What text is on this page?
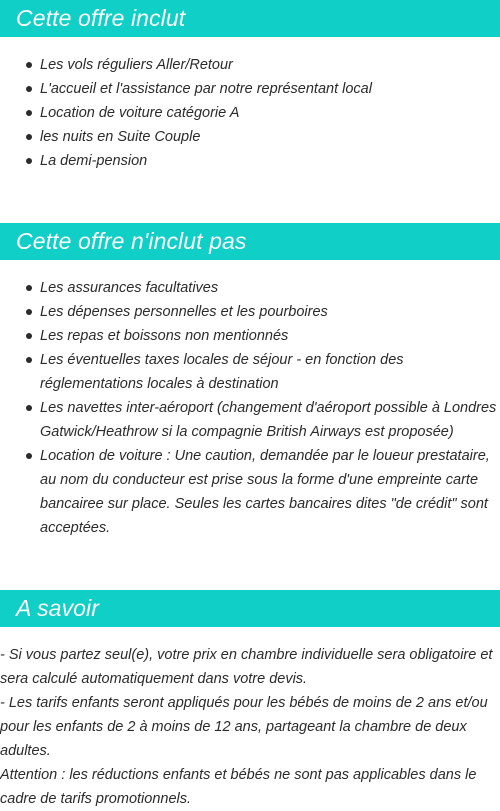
Cette offre inclut
Les vols réguliers Aller/Retour
L'accueil et l'assistance par notre représentant local
Location de voiture catégorie A
les nuits en Suite Couple
La demi-pension
Cette offre n'inclut pas
Les assurances facultatives
Les dépenses personnelles et les pourboires
Les repas et boissons non mentionnés
Les éventuelles taxes locales de séjour - en fonction des réglementations locales à destination
Les navettes inter-aéroport (changement d'aéroport possible à Londres Gatwick/Heathrow si la compagnie British Airways est proposée)
Location de voiture : Une caution, demandée par le loueur prestataire, au nom du conducteur est prise sous la forme d'une empreinte carte bancairee sur place. Seules les cartes bancaires dites "de crédit" sont acceptées.
A savoir

- Si vous partez seul(e), votre prix en chambre individuelle sera obligatoire et sera calculé automatiquement dans votre devis.

- Les tarifs enfants seront appliqués pour les bébés de moins de 2 ans et/ou pour les enfants de 2 à moins de 12 ans, partageant la chambre de deux adultes.

Attention : les réductions enfants et bébés ne sont pas applicables dans le cadre de tarifs promotionnels.
